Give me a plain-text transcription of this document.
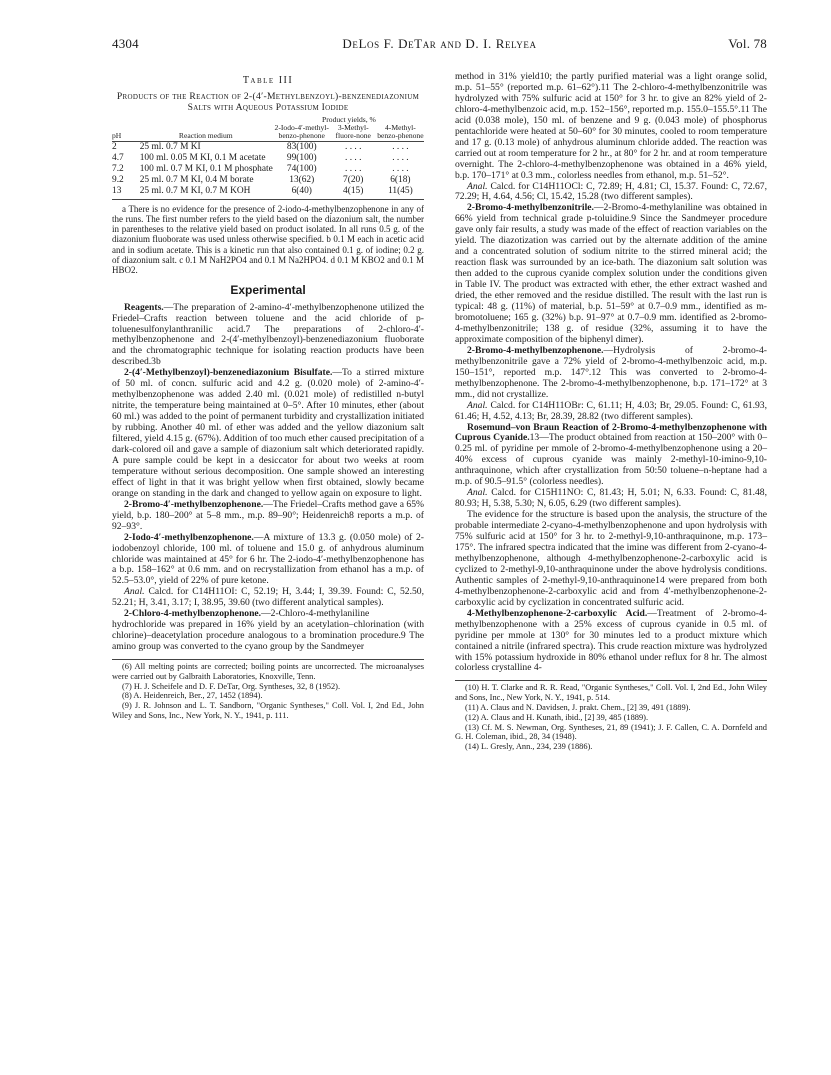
4304	DeLos F. DeTar and D. I. Relyea	Vol. 78
Table III
Products of the Reaction of 2-(4′-Methylbenzoyl)-benzenediazonium Salts with Aqueous Potassium Iodide
		Product yields, %		
pH	Reaction medium	2-Iodo-4′-methyl-benzo-phenone	3-Methyl-fluore-none	4-Methyl-benzo-phenone
2	25 ml. 0.7 M KI	83(100)	. . . .	. . . .
4.7	100 ml. 0.05 M KI, 0.1 M acetate	99(100)	. . . .	. . . .
7.2	100 ml. 0.7 M KI, 0.1 M phosphate	74(100)	. . . .	. . . .
9.2	25 ml. 0.7 M KI, 0.4 M borate	13(62)	7(20)	6(18)
13	25 ml. 0.7 M KI, 0.7 M KOH	6(40)	4(15)	11(45)

a There is no evidence for the presence of 2-iodo-4-methylbenzophenone in any of the runs. The first number refers to the yield based on the diazonium salt, the number in parentheses to the relative yield based on product isolated. In all runs 0.5 g. of the diazonium fluoborate was used unless otherwise specified. b 0.1 M each in acetic acid and in sodium acetate. This is a kinetic run that also contained 0.1 g. of iodine; 0.2 g. of diazonium salt. c 0.1 M NaH2PO4 and 0.1 M Na2HPO4. d 0.1 M KBO2 and 0.1 M HBO2.

Experimental

Reagents.—The preparation of 2-amino-4′-methylbenzophenone utilized the Friedel–Crafts reaction between toluene and the acid chloride of p-toluenesulfonylanthranilic acid.7 The preparations of 2-chloro-4′-methylbenzophenone and 2-(4′-methylbenzoyl)-benzenediazonium fluoborate and the chromatographic technique for isolating reaction products have been described.3b

2-(4′-Methylbenzoyl)-benzenediazonium Bisulfate.—To a stirred mixture of 50 ml. of concn. sulfuric acid and 4.2 g. (0.020 mole) of 2-amino-4′-methylbenzophenone was added 2.40 ml. (0.021 mole) of redistilled n-butyl nitrite, the temperature being maintained at 0–5°. After 10 minutes, ether (about 60 ml.) was added to the point of permanent turbidity and crystallization initiated by rubbing. Another 40 ml. of ether was added and the yellow diazonium salt filtered, yield 4.15 g. (67%). Addition of too much ether caused precipitation of a dark-colored oil and gave a sample of diazonium salt which deteriorated rapidly. A pure sample could be kept in a desiccator for about two weeks at room temperature without serious decomposition. One sample showed an interesting effect of light in that it was bright yellow when first obtained, slowly became orange on standing in the dark and changed to yellow again on exposure to light.

2-Bromo-4′-methylbenzophenone.—The Friedel–Crafts method gave a 65% yield, b.p. 180–200° at 5–8 mm., m.p. 89–90°; Heidenreich8 reports a m.p. of 92–93°.

2-Iodo-4′-methylbenzophenone.—A mixture of 13.3 g. (0.050 mole) of 2-iodobenzoyl chloride, 100 ml. of toluene and 15.0 g. of anhydrous aluminum chloride was maintained at 45° for 6 hr. The 2-iodo-4′-methylbenzophenone has a b.p. 158–162° at 0.6 mm. and on recrystallization from ethanol has a m.p. of 52.5–53.0°, yield of 22% of pure ketone.

Anal. Calcd. for C14H11OI: C, 52.19; H, 3.44; I, 39.39. Found: C, 52.50, 52.21; H, 3.41, 3.17; I, 38.95, 39.60 (two different analytical samples).

2-Chloro-4-methylbenzophenone.—2-Chloro-4-methylaniline hydrochloride was prepared in 16% yield by an acetylation–chlorination (with chlorine)–deacetylation procedure analogous to a bromination procedure.9 The amino group was converted to the cyano group by the Sandmeyer

(6) All melting points are corrected; boiling points are uncorrected. The microanalyses were carried out by Galbraith Laboratories, Knoxville, Tenn.
(7) H. J. Scheifele and D. F. DeTar, Org. Syntheses, 32, 8 (1952).
(8) A. Heidenreich, Ber., 27, 1452 (1894).
(9) J. R. Johnson and L. T. Sandborn, "Organic Syntheses," Coll. Vol. I, 2nd Ed., John Wiley and Sons, Inc., New York, N. Y., 1941, p. 111.

method in 31% yield10; the partly purified material was a light orange solid, m.p. 51–55° (reported m.p. 61–62°).11 The 2-chloro-4-methylbenzonitrile was hydrolyzed with 75% sulfuric acid at 150° for 3 hr. to give an 82% yield of 2-chloro-4-methylbenzoic acid, m.p. 152–156°, reported m.p. 155.0–155.5°.11 The acid (0.038 mole), 150 ml. of benzene and 9 g. (0.043 mole) of phosphorus pentachloride were heated at 50–60° for 30 minutes, cooled to room temperature and 17 g. (0.13 mole) of anhydrous aluminum chloride added. The reaction was carried out at room temperature for 2 hr., at 80° for 2 hr. and at room temperature overnight. The 2-chloro-4-methylbenzophenone was obtained in a 46% yield, b.p. 170–171° at 0.3 mm., colorless needles from ethanol, m.p. 51–52°.

Anal. Calcd. for C14H11OCl: C, 72.89; H, 4.81; Cl, 15.37. Found: C, 72.67, 72.29; H, 4.64, 4.56; Cl, 15.42, 15.28 (two different samples).

2-Bromo-4-methylbenzonitrile.—2-Bromo-4-methylaniline was obtained in 66% yield from technical grade p-toluidine.9 Since the Sandmeyer procedure gave only fair results, a study was made of the effect of reaction variables on the yield. The diazotization was carried out by the alternate addition of the amine and a concentrated solution of sodium nitrite to the stirred mineral acid; the reaction flask was surrounded by an ice-bath. The diazonium salt solution was then added to the cuprous cyanide complex solution under the conditions given in Table IV. The product was extracted with ether, the ether extract washed and dried, the ether removed and the residue distilled. The result with the last run is typical: 48 g. (11%) of material, b.p. 51–59° at 0.7–0.9 mm., identified as m-bromotoluene; 165 g. (32%) b.p. 91–97° at 0.7–0.9 mm. identified as 2-bromo-4-methylbenzonitrile; 138 g. of residue (32%, assuming it to have the approximate composition of the biphenyl dimer).

2-Bromo-4-methylbenzophenone.—Hydrolysis of 2-bromo-4-methylbenzonitrile gave a 72% yield of 2-bromo-4-methylbenzoic acid, m.p. 150–151°, reported m.p. 147°.12 This was converted to 2-bromo-4-methylbenzophenone. The 2-bromo-4-methylbenzophenone, b.p. 171–172° at 3 mm., did not crystallize.

Anal. Calcd. for C14H11OBr: C, 61.11; H, 4.03; Br, 29.05. Found: C, 61.93, 61.46; H, 4.52, 4.13; Br, 28.39, 28.82 (two different samples).

Rosemund–von Braun Reaction of 2-Bromo-4-methylbenzophenone with Cuprous Cyanide.13—The product obtained from reaction at 150–200° with 0–0.25 ml. of pyridine per mmole of 2-bromo-4-methylbenzophenone using a 20–40% excess of cuprous cyanide was mainly 2-methyl-10-imino-9,10-anthraquinone, which after crystallization from 50:50 toluene–n-heptane had a m.p. of 90.5–91.5° (colorless needles).

Anal. Calcd. for C15H11NO: C, 81.43; H, 5.01; N, 6.33. Found: C, 81.48, 80.93; H, 5.38, 5.30; N, 6.05, 6.29 (two different samples).

The evidence for the structure is based upon the analysis, the structure of the probable intermediate 2-cyano-4-methylbenzophenone and upon hydrolysis with 75% sulfuric acid at 150° for 3 hr. to 2-methyl-9,10-anthraquinone, m.p. 173–175°. The infrared spectra indicated that the imine was different from 2-cyano-4-methylbenzophenone, although 4-methylbenzophenone-2-carboxylic acid is cyclized to 2-methyl-9,10-anthraquinone under the above hydrolysis conditions. Authentic samples of 2-methyl-9,10-anthraquinone14 were prepared from both 4-methylbenzophenone-2-carboxylic acid and from 4′-methylbenzophenone-2-carboxylic acid by cyclization in concentrated sulfuric acid.

4-Methylbenzophenone-2-carboxylic Acid.—Treatment of 2-bromo-4-methylbenzophenone with a 25% excess of cuprous cyanide in 0.5 ml. of pyridine per mmole at 130° for 30 minutes led to a product mixture which contained a nitrile (infrared spectra). This crude reaction mixture was hydrolyzed with 15% potassium hydroxide in 80% ethanol under reflux for 8 hr. The almost colorless crystalline 4-

(10) H. T. Clarke and R. R. Read, "Organic Syntheses," Coll. Vol. I, 2nd Ed., John Wiley and Sons, Inc., New York, N. Y., 1941, p. 514.
(11) A. Claus and N. Davidsen, J. prakt. Chem., [2] 39, 491 (1889).
(12) A. Claus and H. Kunath, ibid., [2] 39, 485 (1889).
(13) Cf. M. S. Newman, Org. Syntheses, 21, 89 (1941); J. F. Callen, C. A. Dornfeld and G. H. Coleman, ibid., 28, 34 (1948).
(14) L. Gresly, Ann., 234, 239 (1886).
